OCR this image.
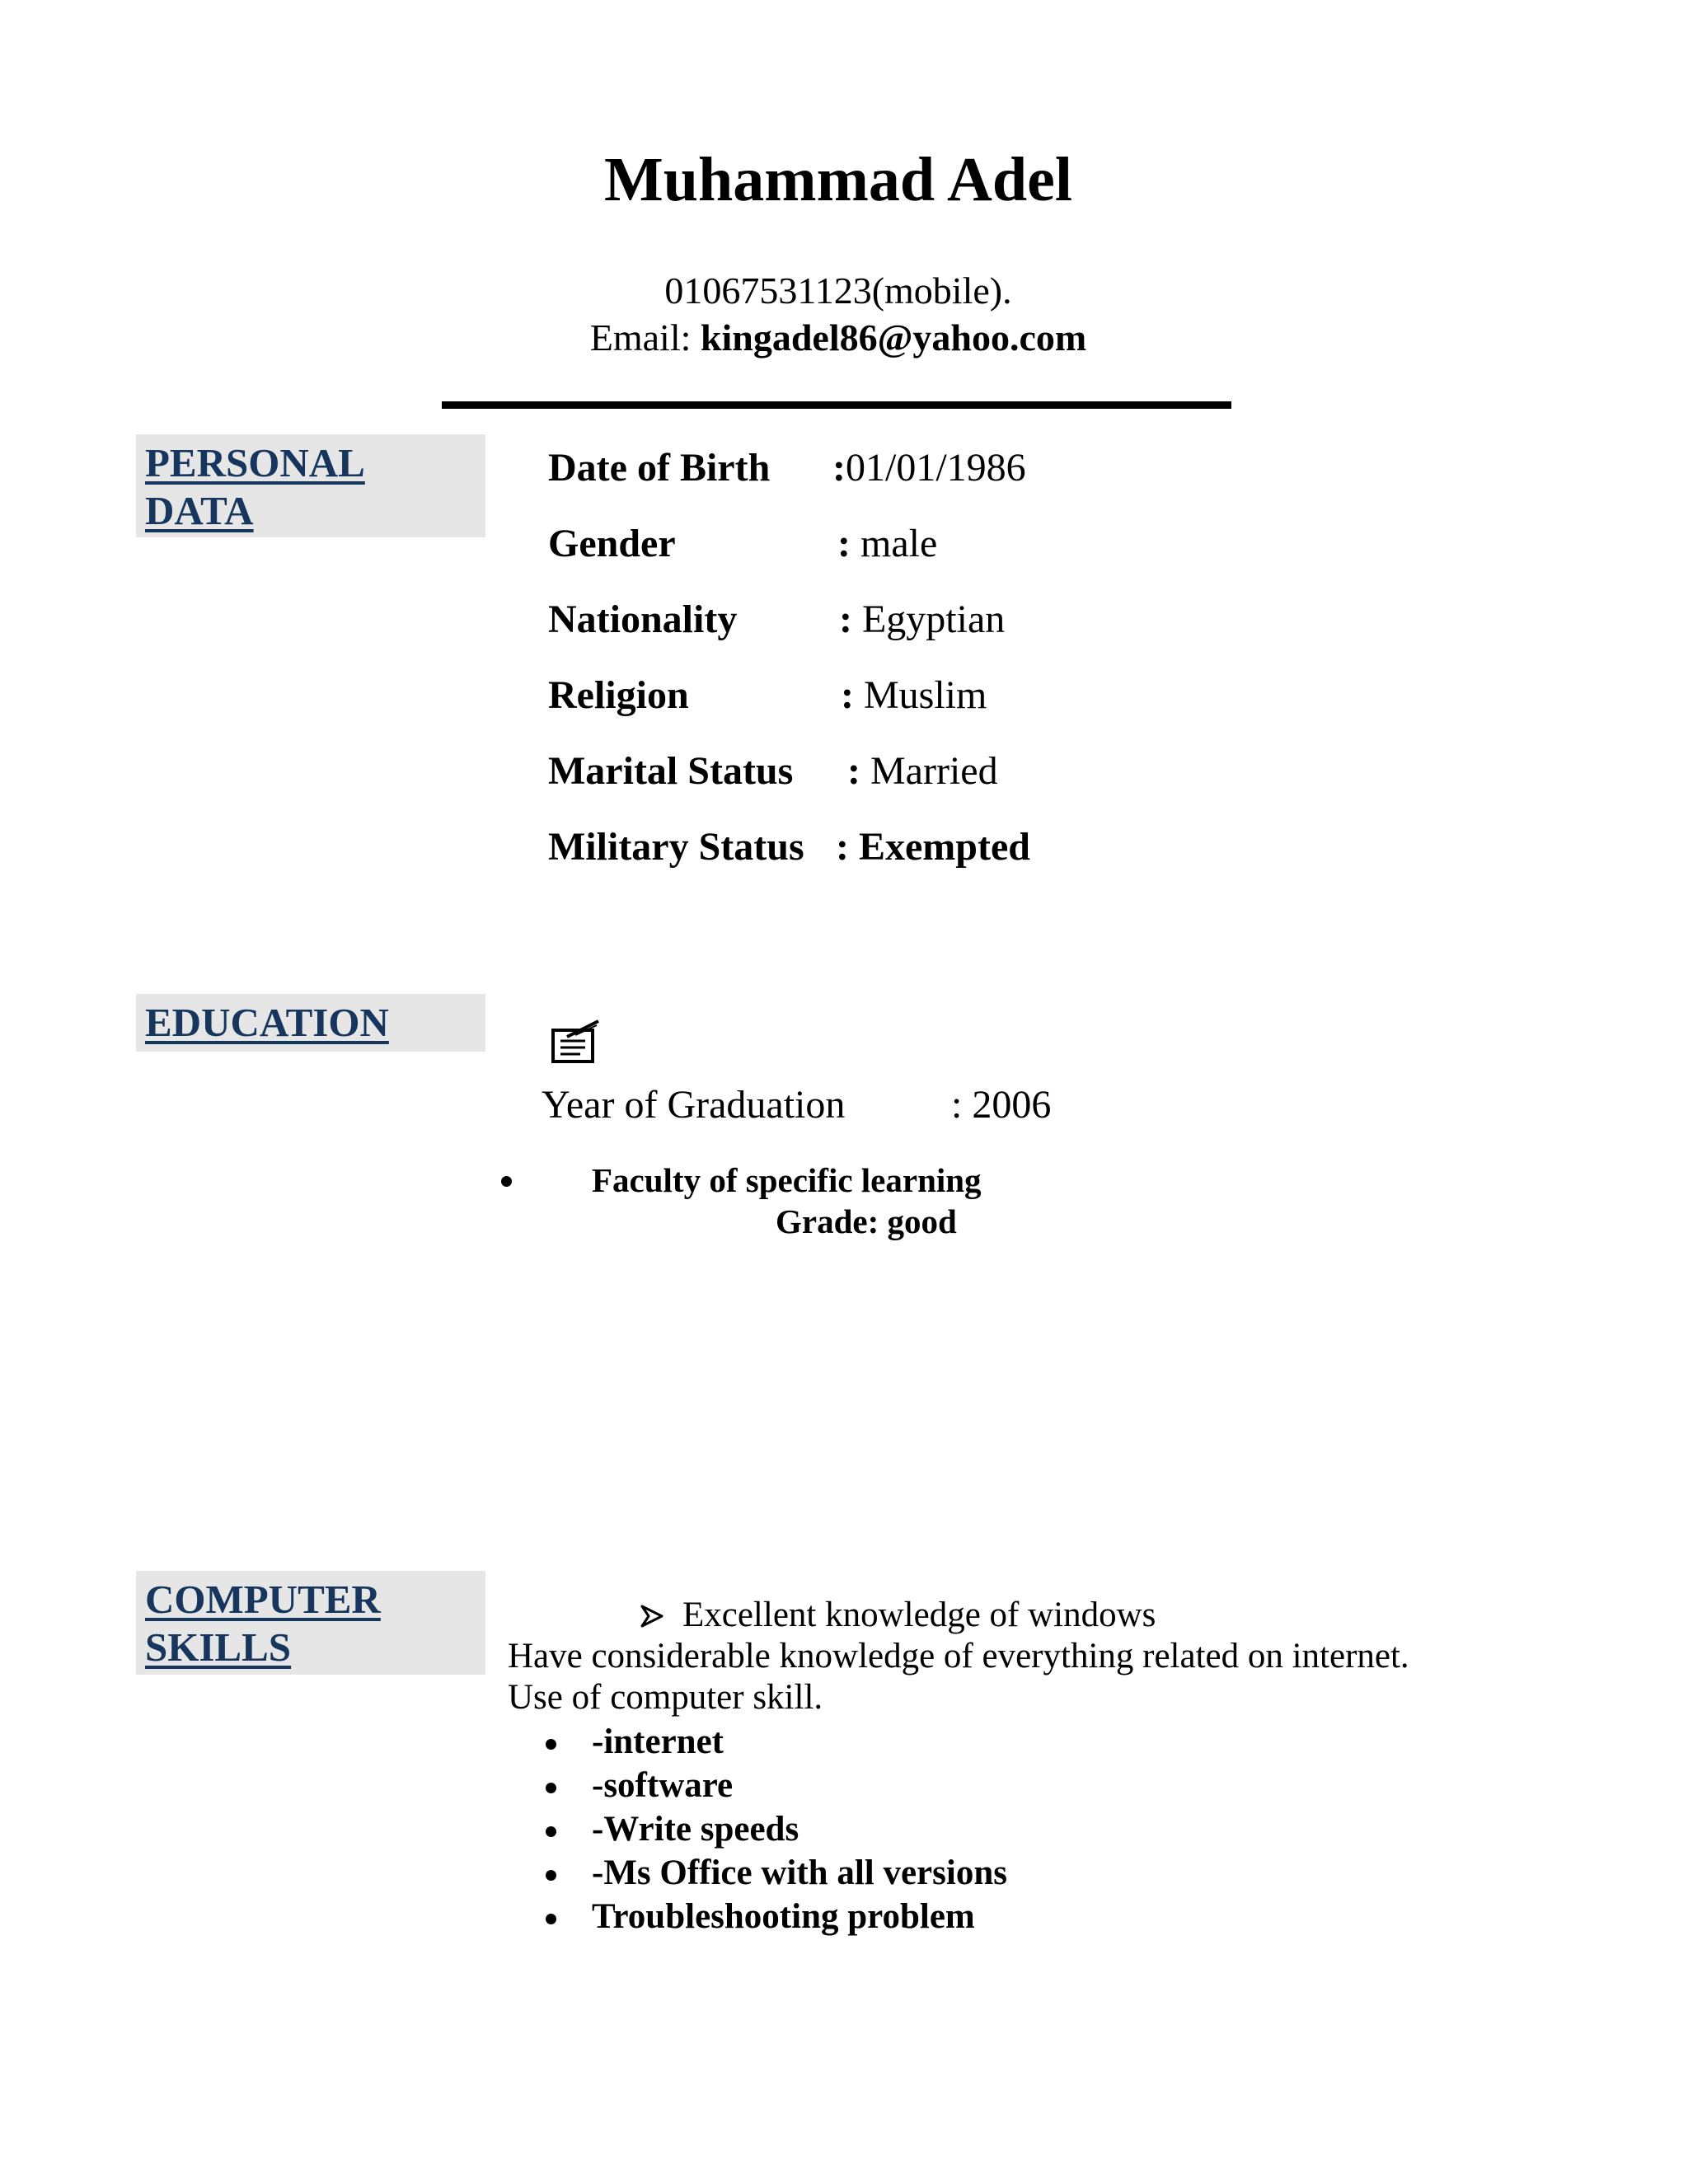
Muhammad Adel
01067531123(mobile).
Email: kingadel86@yahoo.com
PERSONAL
DATA
Date of Birth :01/01/1986
Gender	: male
Nationality	: Egyptian
Religion	: Muslim
Marital Status : Married
Military Status : Exempted
EDUCATION
Year of Graduation	: 2006
Faculty of specific learning
Grade: good
COMPUTER
SKILLS
Excellent knowledge of windows
Have considerable knowledge of everything related on internet.
Use of computer skill.
-internet
-software
-Write speeds
-Ms Office with all versions
Troubleshooting problem
